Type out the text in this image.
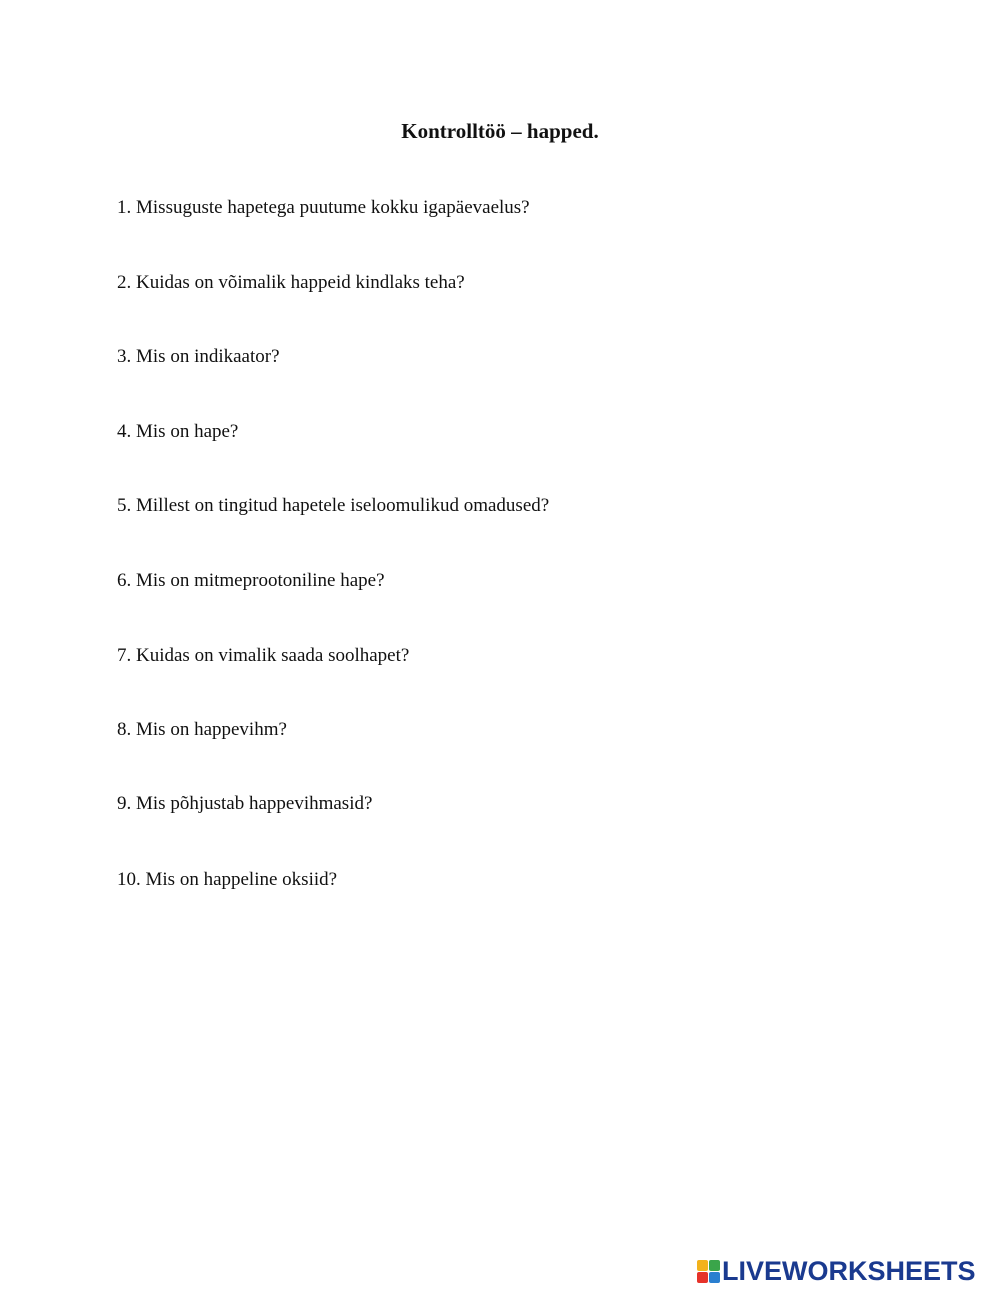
Kontrolltöö – happed.
1. Missuguste hapetega puutume kokku igapäevaelus?
2. Kuidas on võimalik happeid kindlaks teha?
3. Mis on indikaator?
4. Mis on hape?
5. Millest on tingitud hapetele iseloomulikud omadused?
6. Mis on mitmeprootoniline hape?
7. Kuidas on vimalik saada soolhapet?
8. Mis on happevihm?
9. Mis põhjustab happevihmasid?
10. Mis on happeline oksiid?
LIVEWORKSHEETS
